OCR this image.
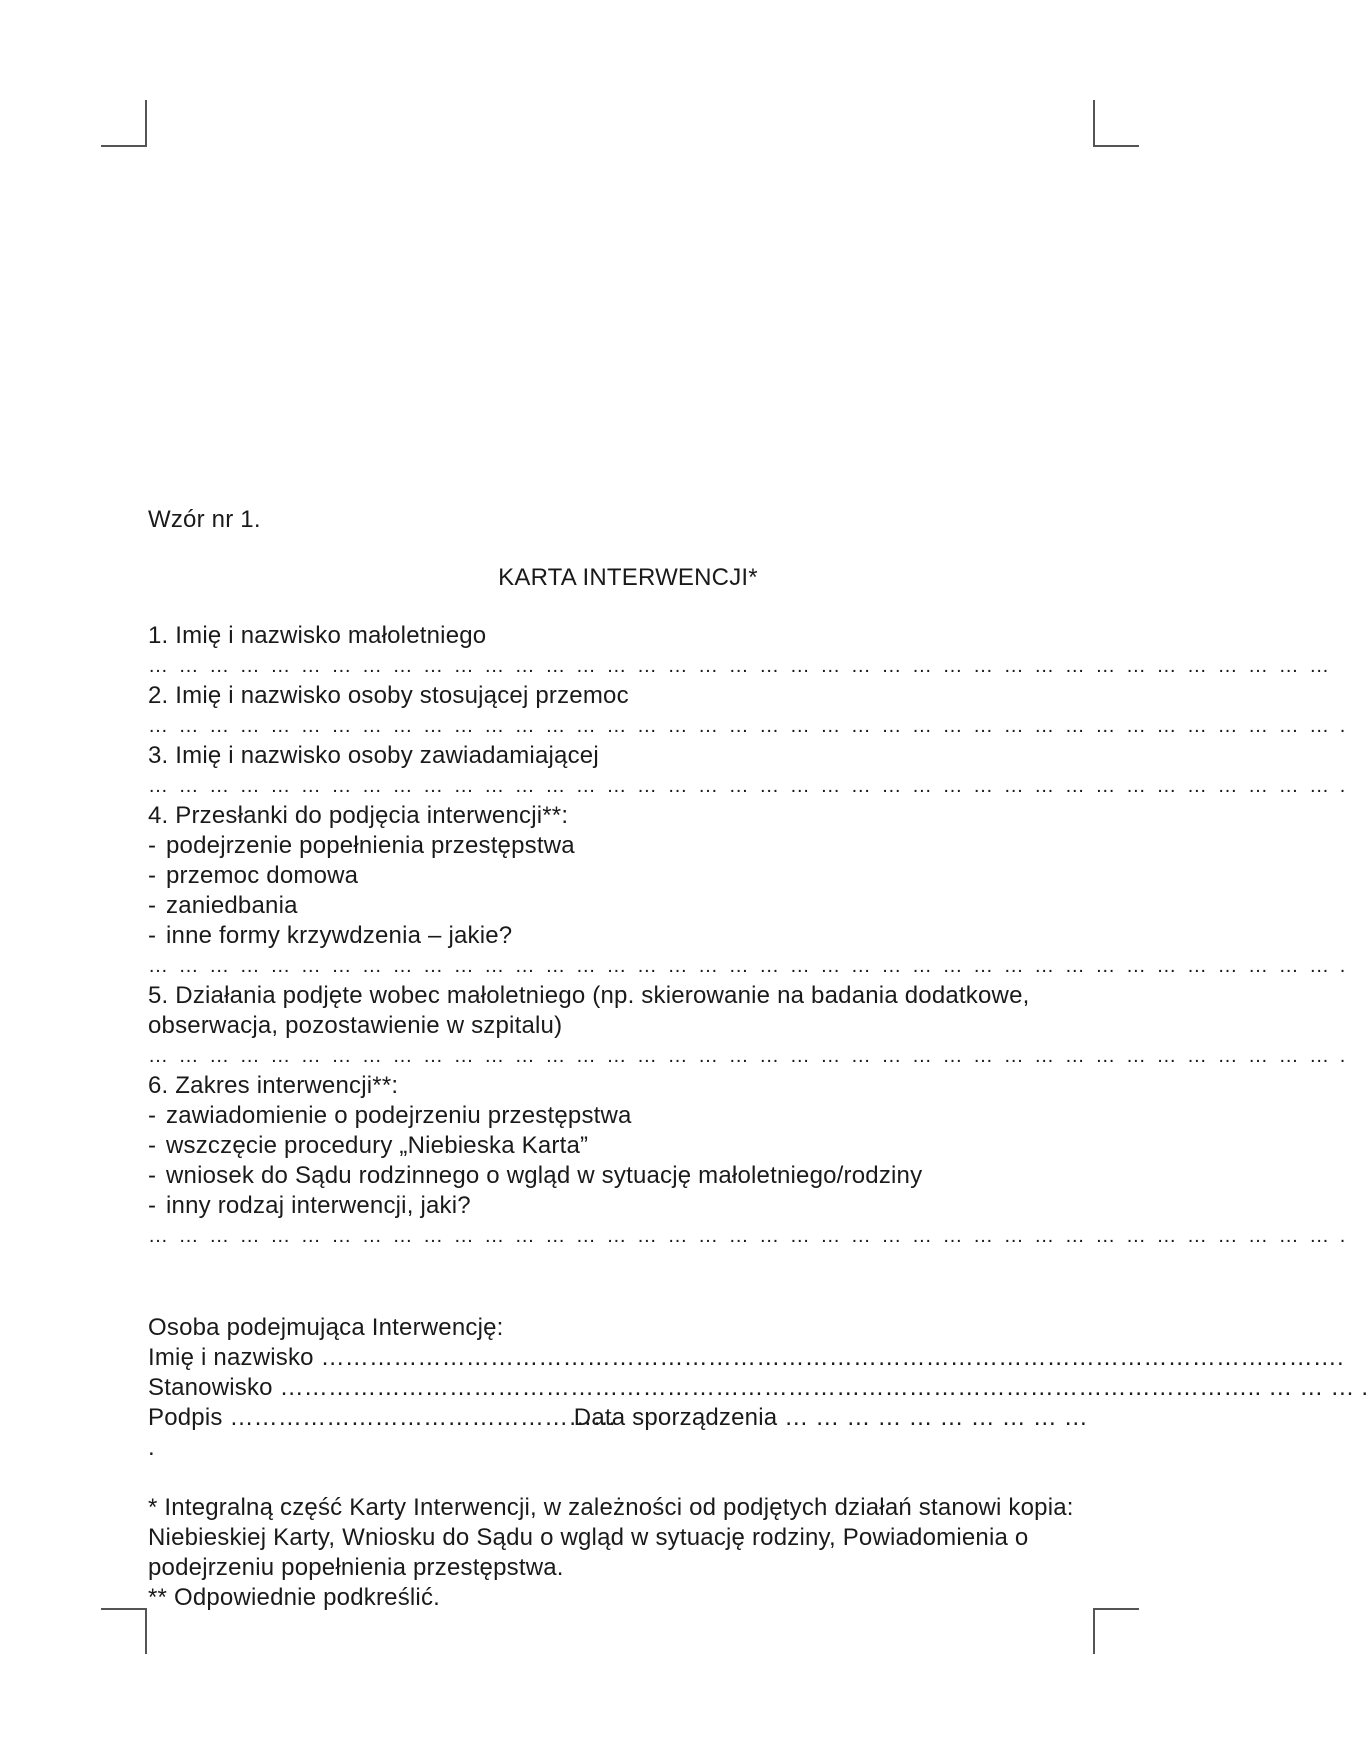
Wzór nr 1.
KARTA INTERWENCJI*
1. Imię i nazwisko małoletniego
… … … … … … … … … … … … … … … … … … … … … … … … … … … … … … … … … … … … … … …
2. Imię i nazwisko osoby stosującej przemoc
… … … … … … … … … … … … … … … … … … … … … … … … … … … … … … … … … … … … … … … .
3. Imię i nazwisko osoby zawiadamiającej
… … … … … … … … … … … … … … … … … … … … … … … … … … … … … … … … … … … … … … … .
4. Przesłanki do podjęcia interwencji**:
- podejrzenie popełnienia przestępstwa
- przemoc domowa
- zaniedbania
- inne formy krzywdzenia – jakie?
… … … … … … … … … … … … … … … … … … … … … … … … … … … … … … … … … … … … … … … .
5. Działania podjęte wobec małoletniego (np. skierowanie na badania dodatkowe, obserwacja, pozostawienie w szpitalu)
… … … … … … … … … … … … … … … … … … … … … … … … … … … … … … … … … … … … … … … .
6. Zakres interwencji**:
- zawiadomienie o podejrzeniu przestępstwa
- wszczęcie procedury „Niebieska Karta”
- wniosek do Sądu rodzinnego o wgląd w sytuację małoletniego/rodziny
- inny rodzaj interwencji, jaki?
… … … … … … … … … … … … … … … … … … … … … … … … … … … … … … … … … … … … … … … .
Osoba podejmująca Interwencję:
Imię i nazwisko
……………………………………………………………………………………………………………….
Stanowisko
………………………………………………………………………………………………………….. … … … .
Podpis
…………………………………………
Data sporządzenia
… … … … … … … … … …
.
* Integralną część Karty Interwencji, w zależności od podjętych działań stanowi kopia: Niebieskiej Karty, Wniosku do Sądu o wgląd w sytuację rodziny, Powiadomienia o podejrzeniu popełnienia przestępstwa.
** Odpowiednie podkreślić.
